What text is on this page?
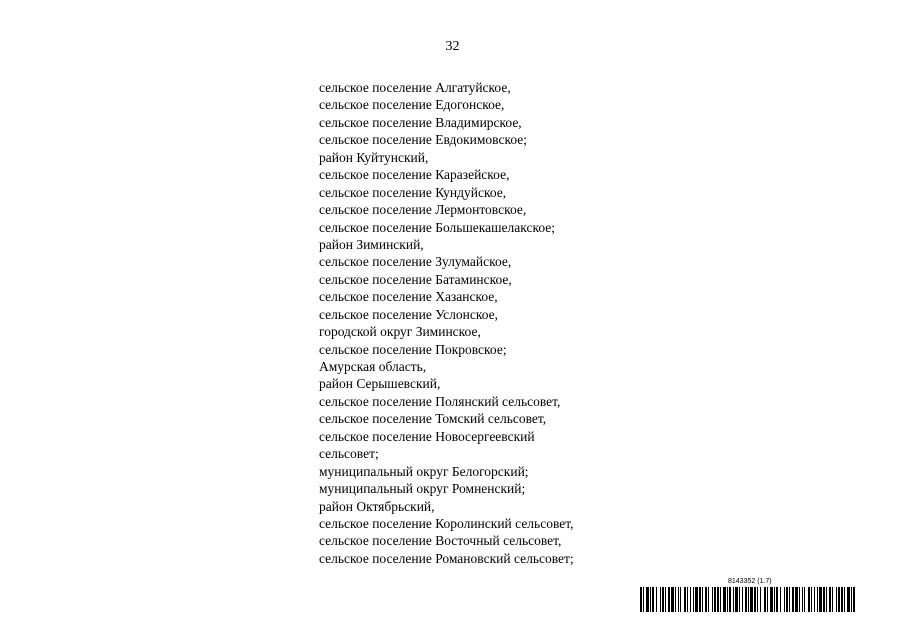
32
сельское поселение Алгатуйское,
сельское поселение Едогонское,
сельское поселение Владимирское,
сельское поселение Евдокимовское;
район Куйтунский,
сельское поселение Каразейское,
сельское поселение Кундуйское,
сельское поселение Лермонтовское,
сельское поселение Большекашелакское;
район Зиминский,
сельское поселение Зулумайское,
сельское поселение Батаминское,
сельское поселение Хазанское,
сельское поселение Услонское,
городской округ Зиминское,
сельское поселение Покровское;
Амурская область,
район Серышевский,
сельское поселение Полянский сельсовет,
сельское поселение Томский сельсовет,
сельское поселение Новосергеевский
сельсовет;
муниципальный округ Белогорский;
муниципальный округ Ромненский;
район Октябрьский,
сельское поселение Королинский сельсовет,
сельское поселение Восточный сельсовет,
сельское поселение Романовский сельсовет;
8143352 (1.7)
